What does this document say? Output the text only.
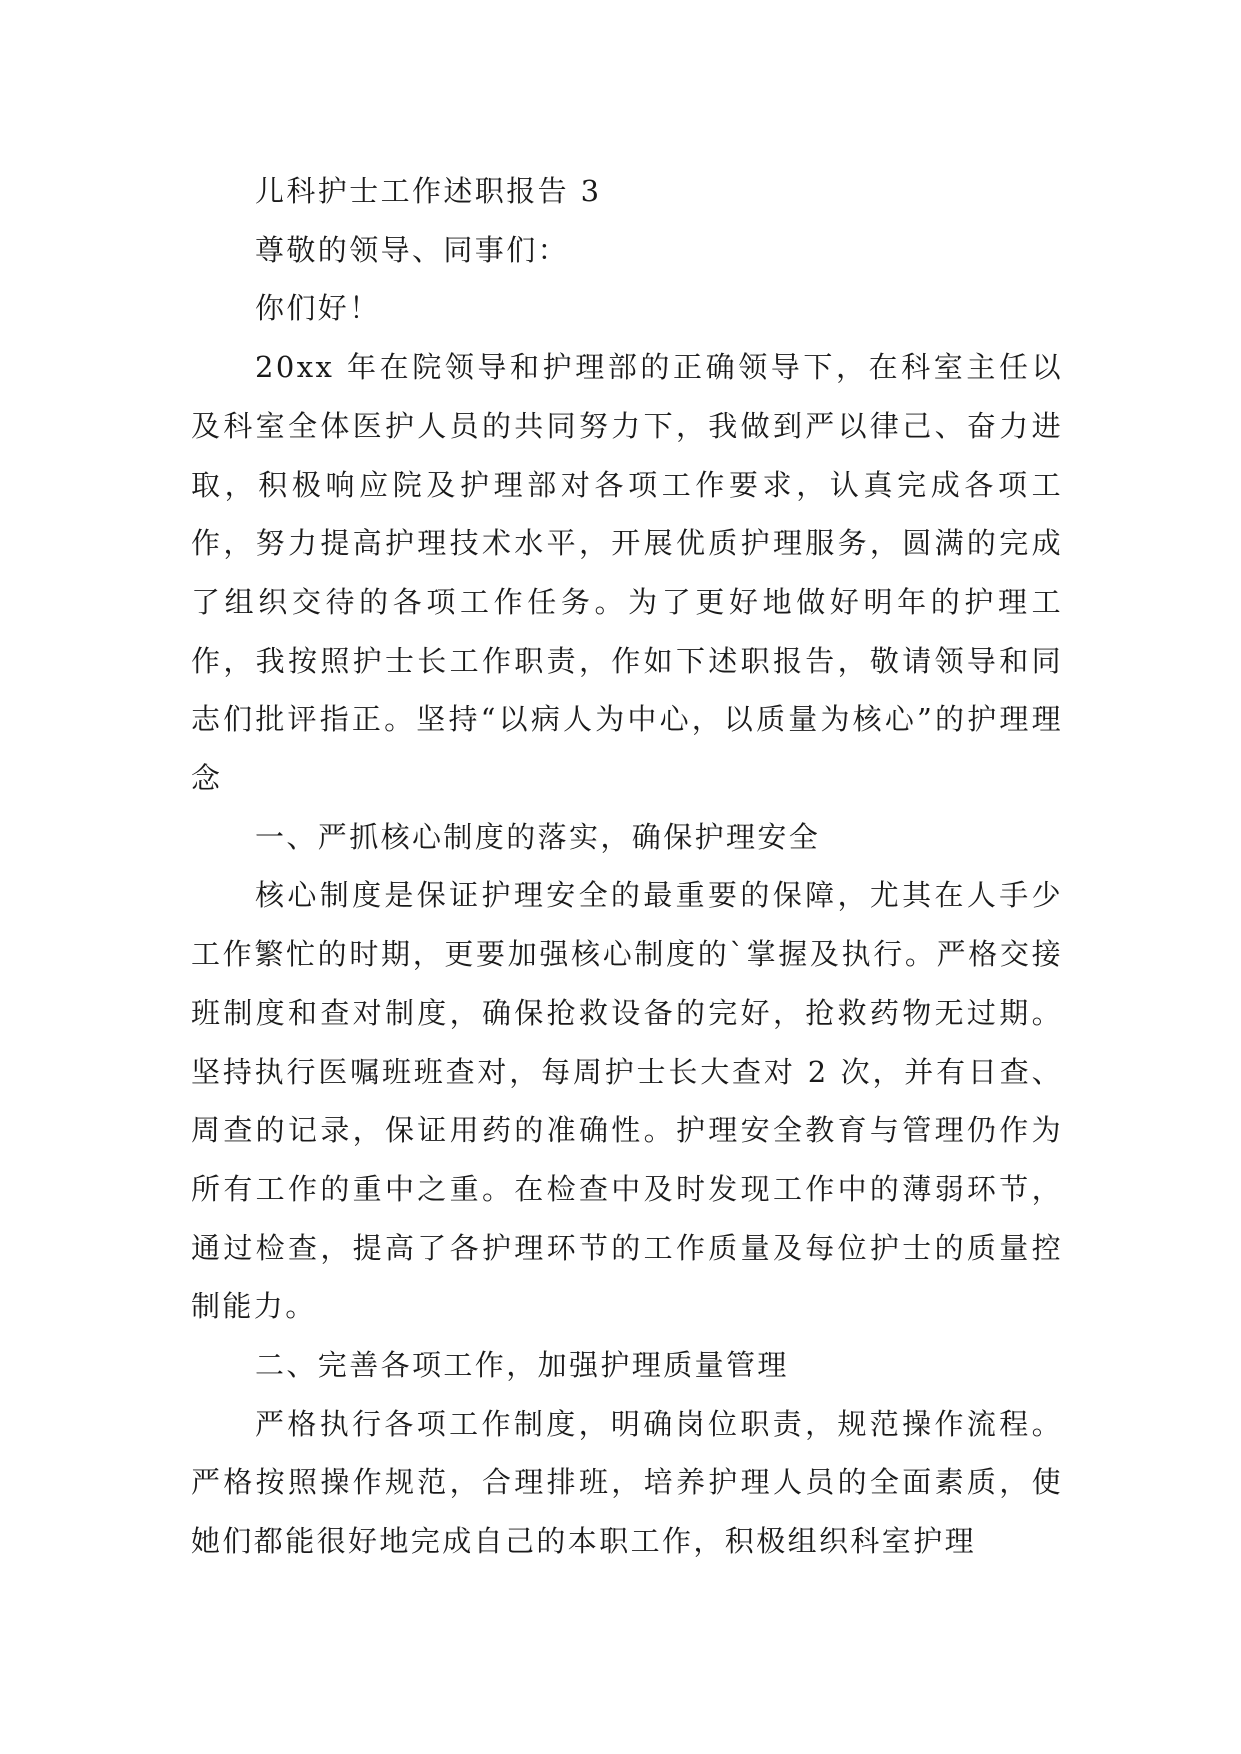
儿科护士工作述职报告 3

尊敬的领导、同事们：

你们好！

20xx 年在院领导和护理部的正确领导下，在科室主任以及科室全体医护人员的共同努力下，我做到严以律己、奋力进取，积极响应院及护理部对各项工作要求，认真完成各项工作，努力提高护理技术水平，开展优质护理服务，圆满的完成了组织交待的各项工作任务。为了更好地做好明年的护理工作，我按照护士长工作职责，作如下述职报告，敬请领导和同志们批评指正。坚持“以病人为中心，以质量为核心”的护理理念

一、严抓核心制度的落实，确保护理安全

核心制度是保证护理安全的最重要的保障，尤其在人手少工作繁忙的时期，更要加强核心制度的`掌握及执行。严格交接班制度和查对制度，确保抢救设备的完好，抢救药物无过期。坚持执行医嘱班班查对，每周护士长大查对 2 次，并有日查、周查的记录，保证用药的准确性。护理安全教育与管理仍作为所有工作的重中之重。在检查中及时发现工作中的薄弱环节，通过检查，提高了各护理环节的工作质量及每位护士的质量控制能力。

二、完善各项工作，加强护理质量管理

严格执行各项工作制度，明确岗位职责，规范操作流程。严格按照操作规范，合理排班，培养护理人员的全面素质，使她们都能很好地完成自己的本职工作，积极组织科室护理
